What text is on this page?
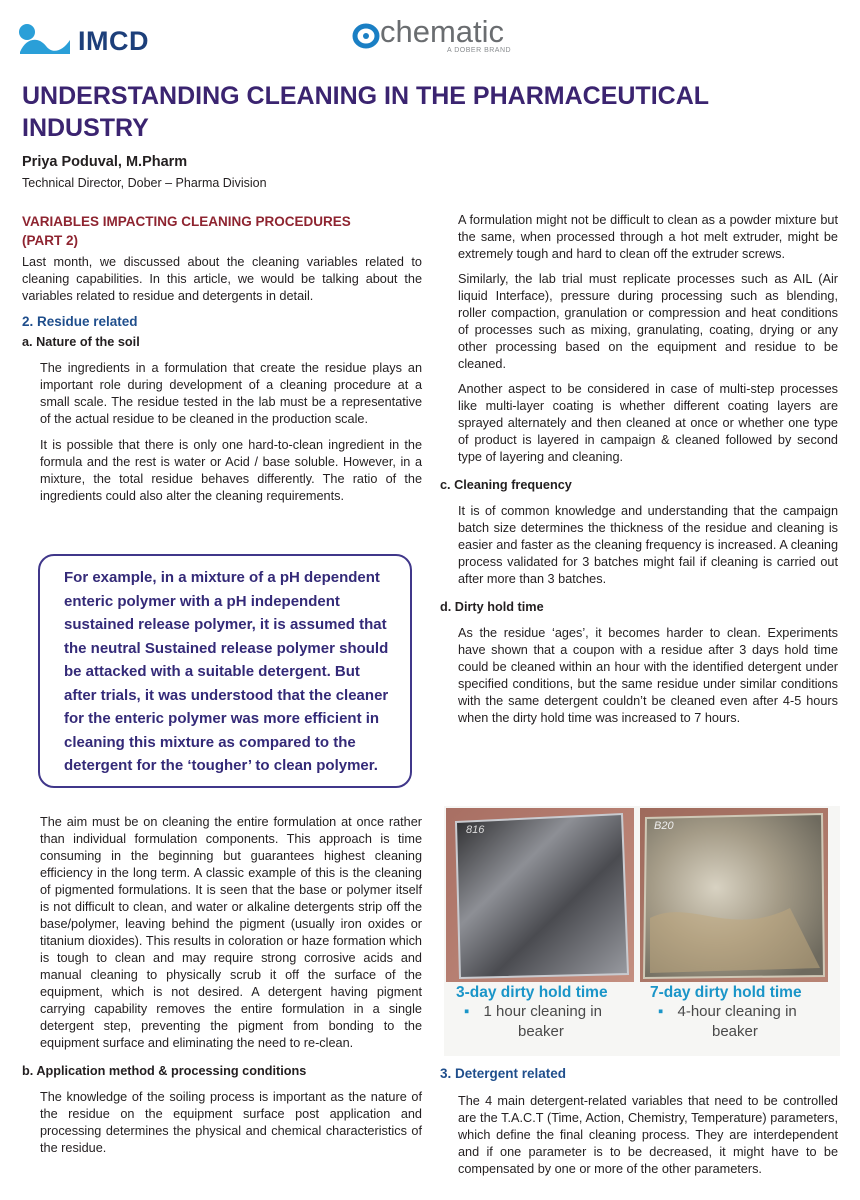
IMCD	chematic
A DOBER BRAND
UNDERSTANDING CLEANING IN THE PHARMACEUTICAL INDUSTRY
Priya Poduval, M.Pharm
Technical Director, Dober – Pharma Division
VARIABLES IMPACTING CLEANING PROCEDURES
(PART 2)

Last month, we discussed about the cleaning variables related to cleaning capabilities. In this article, we would be talking about the variables related to residue and detergents in detail.

2. Residue related
a. Nature of the soil

The ingredients in a formulation that create the residue plays an important role during development of a cleaning procedure at a small scale. The residue tested in the lab must be a representative of the actual residue to be cleaned in the production scale.

It is possible that there is only one hard-to-clean ingredient in the formula and the rest is water or Acid / base soluble. However, in a mixture, the total residue behaves differently. The ratio of the ingredients could also alter the cleaning requirements.

For example, in a mixture of a pH dependent enteric polymer with a pH independent sustained release polymer, it is assumed that the neutral Sustained release polymer should be attacked with a suitable detergent. But after trials, it was understood that the cleaner for the enteric polymer was more efficient in cleaning this mixture as compared to the detergent for the ‘tougher’ to clean polymer.

The aim must be on cleaning the entire formulation at once rather than individual formulation components. This approach is time consuming in the beginning but guarantees highest cleaning efficiency in the long term. A classic example of this is the cleaning of pigmented formulations. It is seen that the base or polymer itself is not difficult to clean, and water or alkaline detergents strip off the base/polymer, leaving behind the pigment (usually iron oxides or titanium dioxides). This results in coloration or haze formation which is tough to clean and may require strong corrosive acids and manual cleaning to physically scrub it off the surface of the equipment, which is not desired. A detergent having pigment carrying capability removes the entire formulation in a single detergent step, preventing the pigment from bonding to the equipment surface and eliminating the need to re-clean.

b. Application method & processing conditions

The knowledge of the soiling process is important as the nature of the residue on the equipment surface post application and processing determines the physical and chemical characteristics of the residue.

A formulation might not be difficult to clean as a powder mixture but the same, when processed through a hot melt extruder, might be extremely tough and hard to clean off the extruder screws.

Similarly, the lab trial must replicate processes such as AIL (Air liquid Interface), pressure during processing such as blending, roller compaction, granulation or compression and heat conditions of processes such as mixing, granulating, coating, drying or any other processing based on the equipment and residue to be cleaned.

Another aspect to be considered in case of multi-step processes like multi-layer coating is whether different coating layers are sprayed alternately and then cleaned at once or whether one type of product is layered in campaign & cleaned followed by second type of layering and cleaning.

c. Cleaning frequency

It is of common knowledge and understanding that the campaign batch size determines the thickness of the residue and cleaning is easier and faster as the cleaning frequency is increased. A cleaning process validated for 3 batches might fail if cleaning is carried out after more than 3 batches.

d. Dirty hold time

As the residue ‘ages’, it becomes harder to clean. Experiments have shown that a coupon with a residue after 3 days hold time could be cleaned within an hour with the identified detergent under specified conditions, but the same residue under similar conditions with the same detergent couldn’t be cleaned even after 4-5 hours when the dirty hold time was increased to 7 hours.

816	B20
3-day dirty hold time
▪ 1 hour cleaning in
beaker
7-day dirty hold time
▪ 4-hour cleaning in
beaker
3. Detergent related

The 4 main detergent-related variables that need to be controlled are the T.A.C.T (Time, Action, Chemistry, Temperature) parameters, which define the final cleaning process. They are interdependent and if one parameter is to be decreased, it might have to be compensated by one or more of the other parameters.
